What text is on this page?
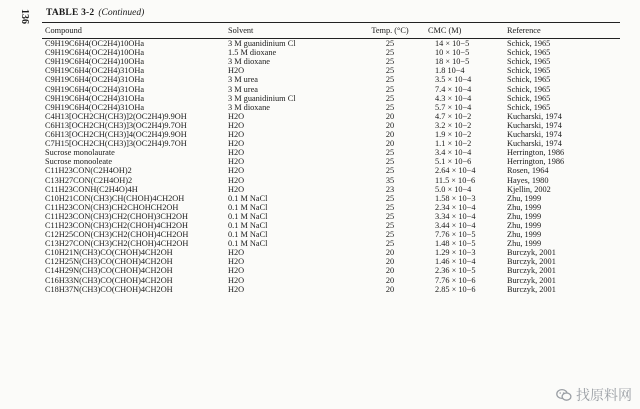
136 TABLE 3-2 (Continued)
Compound	Solvent	Temp. (°C)	CMC (M)	Reference
C9H19C6H4(OC2H4)10OHa	3 M guanidinium Cl	25	14 × 10−5	Schick, 1965
C9H19C6H4(OC2H4)10OHa	1.5 M dioxane	25	10 × 10−5	Schick, 1965
C9H19C6H4(OC2H4)10OHa	3 M dioxane	25	18 × 10−5	Schick, 1965
C9H19C6H4(OC2H4)31OHa	H2O	25	1.8 10−4	Schick, 1965
C9H19C6H4(OC2H4)31OHa	3 M urea	25	3.5 × 10−4	Schick, 1965
C9H19C6H4(OC2H4)31OHa	3 M urea	25	7.4 × 10−4	Schick, 1965
C9H19C6H4(OC2H4)31OHa	3 M guanidinium Cl	25	4.3 × 10−4	Schick, 1965
C9H19C6H4(OC2H4)31OHa	3 M dioxane	25	5.7 × 10−4	Schick, 1965
C4H13[OCH2CH(CH3)]2(OC2H4)9.9OH	H2O	20	4.7 × 10−2	Kucharski, 1974
C6H13[OCH2CH(CH3)]3(OC2H4)9.7OH	H2O	20	3.2 × 10−2	Kucharski, 1974
C6H13[OCH2CH(CH3)]4(OC2H4)9.9OH	H2O	20	1.9 × 10−2	Kucharski, 1974
C7H15[OCH2CH(CH3)]3(OC2H4)9.7OH	H2O	20	1.1 × 10−2	Kucharski, 1974
Sucrose monolaurate	H2O	25	3.4 × 10−4	Herrington, 1986
Sucrose monooleate	H2O	25	5.1 × 10−6	Herrington, 1986
C11H23CON(C2H4OH)2	H2O	25	2.64 × 10−4	Rosen, 1964
C13H27CON(C2H4OH)2	H2O	35	11.5 × 10−6	Hayes, 1980
C11H23CONH(C2H4O)4H	H2O	23	5.0 × 10−4	Kjellin, 2002
C10H21CON(CH3)CH(CHOH)4CH2OH	0.1 M NaCl	25	1.58 × 10−3	Zhu, 1999
C11H23CON(CH3)CH2CHOHCH2OH	0.1 M NaCl	25	2.34 × 10−4	Zhu, 1999
C11H23CON(CH3)CH2(CHOH)3CH2OH	0.1 M NaCl	25	3.34 × 10−4	Zhu, 1999
C11H23CON(CH3)CH2(CHOH)4CH2OH	0.1 M NaCl	25	3.44 × 10−4	Zhu, 1999
C12H25CON(CH3)CH2(CHOH)4CH2OH	0.1 M NaCl	25	7.76 × 10−5	Zhu, 1999
C13H27CON(CH3)CH2(CHOH)4CH2OH	0.1 M NaCl	25	1.48 × 10−5	Zhu, 1999
C10H21N(CH3)CO(CHOH)4CH2OH	H2O	20	1.29 × 10−3	Burczyk, 2001
C12H25N(CH3)CO(CHOH)4CH2OH	H2O	20	1.46 × 10−4	Burczyk, 2001
C14H29N(CH3)CO(CHOH)4CH2OH	H2O	20	2.36 × 10−5	Burczyk, 2001
C16H33N(CH3)CO(CHOH)4CH2OH	H2O	20	7.76 × 10−6	Burczyk, 2001
C18H37N(CH3)CO(CHOH)4CH2OH	H2O	20	2.85 × 10−6	Burczyk, 2001
找原料网
